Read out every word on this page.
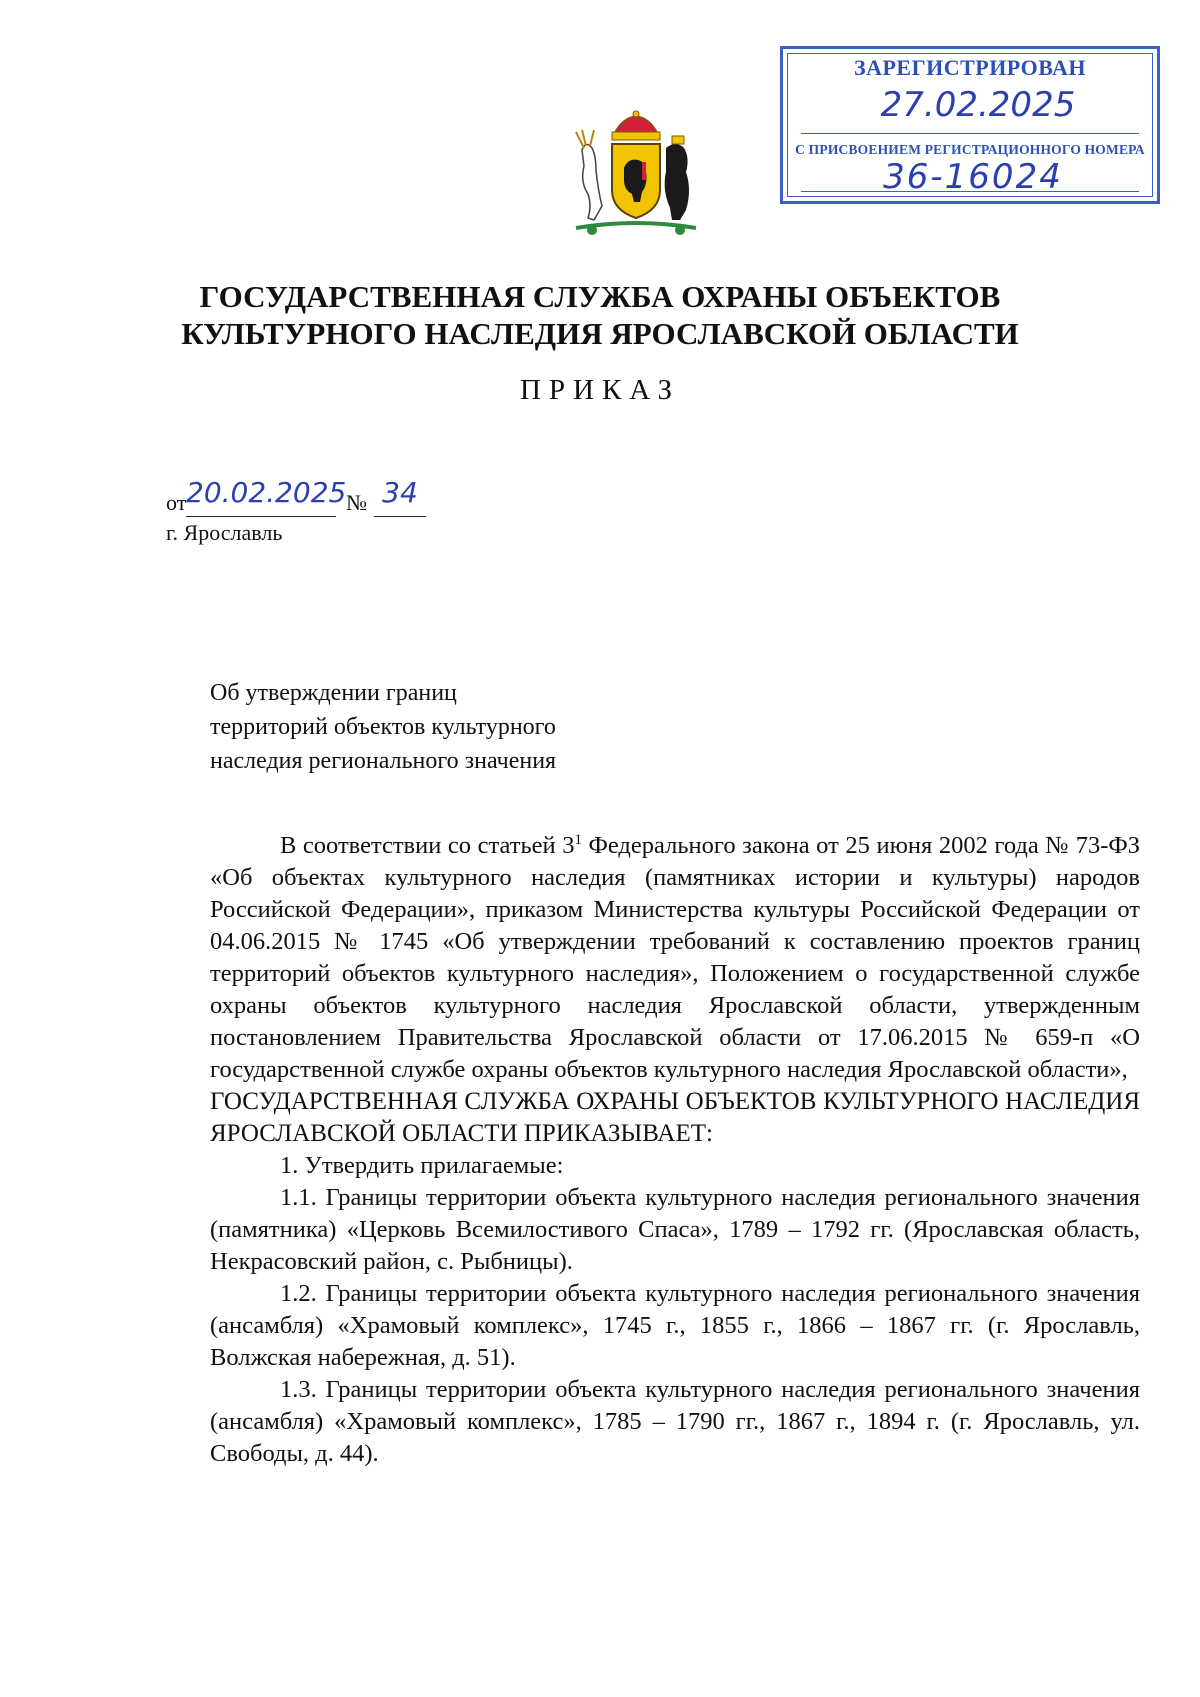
ЗАРЕГИСТРИРОВАН
27.02.2025
С ПРИСВОЕНИЕМ РЕГИСТРАЦИОННОГО НОМЕРА
36-16024
ГОСУДАРСТВЕННАЯ СЛУЖБА ОХРАНЫ ОБЪЕКТОВ
КУЛЬТУРНОГО НАСЛЕДИЯ ЯРОСЛАВСКОЙ ОБЛАСТИ
ПРИКАЗ
от 20.02.2025 № 34
г. Ярославль
Об утверждении границ
территорий объектов культурного
наследия регионального значения

В соответствии со статьей $3^1$ Федерального закона от 25 июня 2002 года № 73-ФЗ «Об объектах культурного наследия (памятниках истории и культуры) народов Российской Федерации», приказом Министерства культуры Российской Федерации от 04.06.2015 № 1745 «Об утверждении требований к составлению проектов границ территорий объектов культурного наследия», Положением о государственной службе охраны объектов культурного наследия Ярославской области, утвержденным постановлением Правительства Ярославской области от 17.06.2015 № 659-п «О государственной службе охраны объектов культурного наследия Ярославской области»,

ГОСУДАРСТВЕННАЯ СЛУЖБА ОХРАНЫ ОБЪЕКТОВ КУЛЬТУРНОГО НАСЛЕДИЯ ЯРОСЛАВСКОЙ ОБЛАСТИ ПРИКАЗЫВАЕТ:

1. Утвердить прилагаемые:

1.1. Границы территории объекта культурного наследия регионального значения (памятника) «Церковь Всемилостивого Спаса», 1789 – 1792 гг. (Ярославская область, Некрасовский район, с. Рыбницы).

1.2. Границы территории объекта культурного наследия регионального значения (ансамбля) «Храмовый комплекс», 1745 г., 1855 г., 1866 – 1867 гг. (г. Ярославль, Волжская набережная, д. 51).

1.3. Границы территории объекта культурного наследия регионального значения (ансамбля) «Храмовый комплекс», 1785 – 1790 гг., 1867 г., 1894 г. (г. Ярославль, ул. Свободы, д. 44).
